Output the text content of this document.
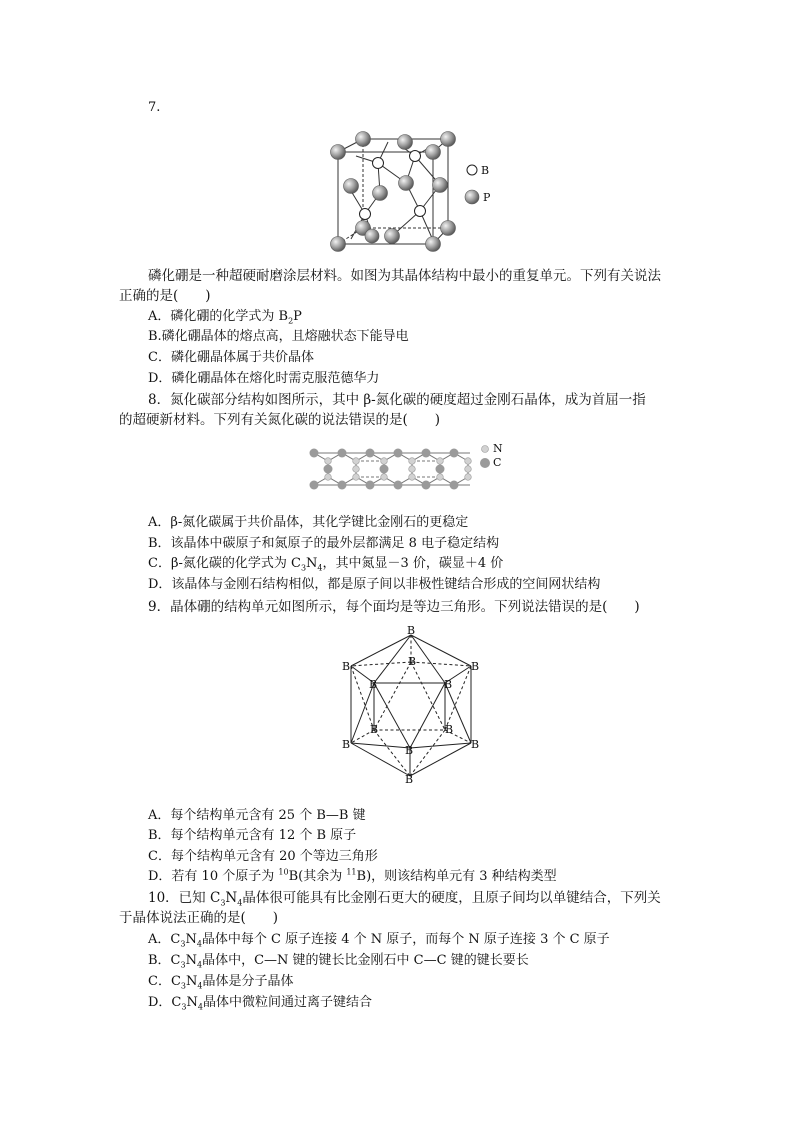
7.
B
P
磷化硼是一种超硬耐磨涂层材料。如图为其晶体结构中最小的重复单元。下列有关说法
正确的是(　　)
A．磷化硼的化学式为 $B_2P$
B.磷化硼晶体的熔点高，且熔融状态下能导电
C．磷化硼晶体属于共价晶体
D．磷化硼晶体在熔化时需克服范德华力
8．氮化碳部分结构如图所示，其中 β-氮化碳的硬度超过金刚石晶体，成为首屈一指
的超硬新材料。下列有关氮化碳的说法错误的是(　　)
N
C
A．β-氮化碳属于共价晶体，其化学键比金刚石的更稳定
B．该晶体中碳原子和氮原子的最外层都满足 8 电子稳定结构
C．β-氮化碳的化学式为 $C_3N_4$，其中氮显－3 价，碳显＋4 价
D．该晶体与金刚石结构相似，都是原子间以非极性键结合形成的空间网状结构
9．晶体硼的结构单元如图所示，每个面均是等边三角形。下列说法错误的是(　　)
B
B
B	B
B	B
B	B
B	B
B
B
A．每个结构单元含有 25 个 B—B 键
B．每个结构单元含有 12 个 B 原子
C．每个结构单元含有 20 个等边三角形
D．若有 10 个原子为 $^{10}$B(其余为 $^{11}$B)，则该结构单元有 3 种结构类型
10．已知 $C_3N_4$晶体很可能具有比金刚石更大的硬度，且原子间均以单键结合，下列关
于晶体说法正确的是(　　)
A．$C_3N_4$晶体中每个 C 原子连接 4 个 N 原子，而每个 N 原子连接 3 个 C 原子
B．$C_3N_4$晶体中，C—N 键的键长比金刚石中 C—C 键的键长要长
C．$C_3N_4$晶体是分子晶体
D．$C_3N_4$晶体中微粒间通过离子键结合
